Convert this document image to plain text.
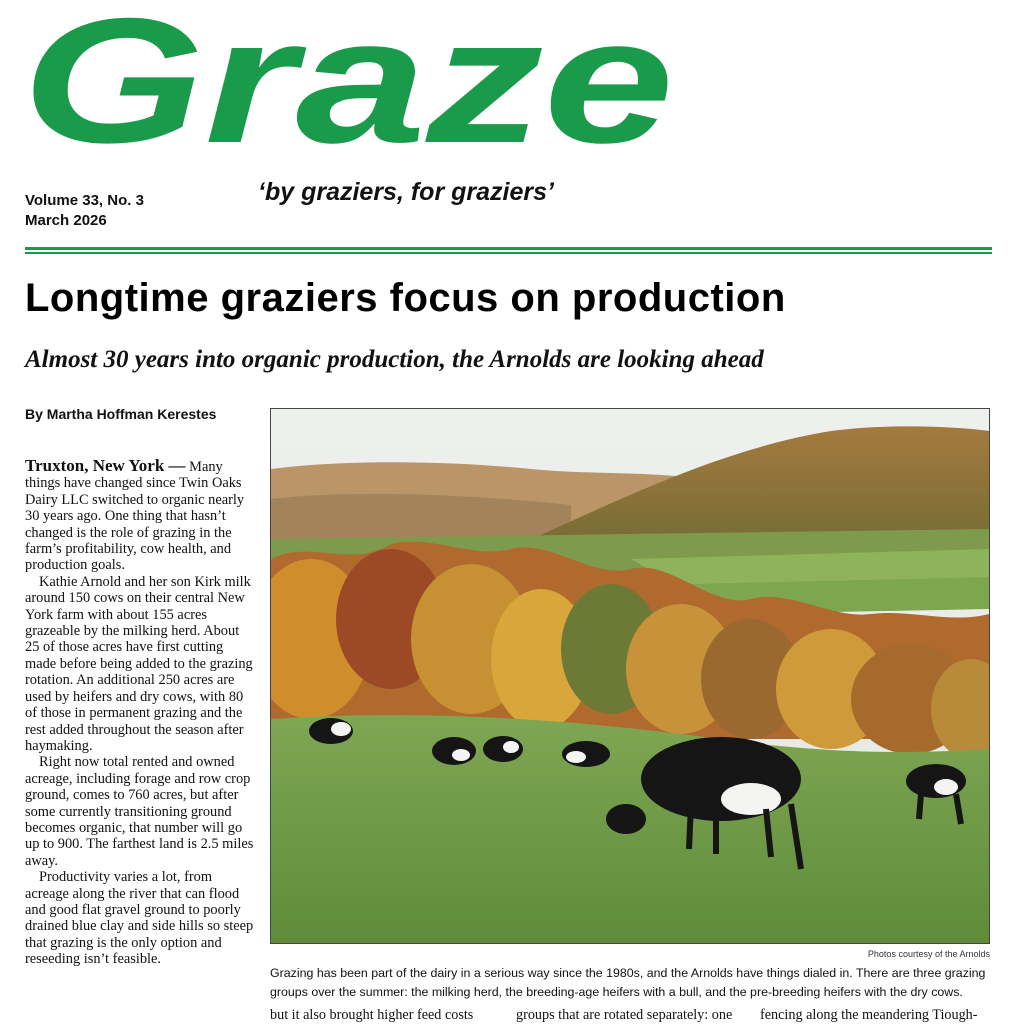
Graze
Volume 33, No. 3
March 2026
‘by graziers, for graziers’
Longtime graziers focus on production
Almost 30 years into organic production, the Arnolds are looking ahead
By Martha Hoffman Kerestes

Truxton, New York — Many things have changed since Twin Oaks Dairy LLC switched to organic nearly 30 years ago. One thing that hasn’t changed is the role of grazing in the farm’s profitability, cow health, and production goals.

Kathie Arnold and her son Kirk milk around 150 cows on their central New York farm with about 155 acres grazeable by the milking herd. About 25 of those acres have first cutting made before being added to the grazing rotation. An additional 250 acres are used by heifers and dry cows, with 80 of those in permanent grazing and the rest added throughout the season after haymaking.

Right now total rented and owned acreage, including forage and row crop ground, comes to 760 acres, but after some currently transitioning ground becomes organic, that number will go up to 900. The farthest land is 2.5 miles away.

Productivity varies a lot, from acreage along the river that can flood and good flat gravel ground to poorly drained blue clay and side hills so steep that grazing is the only option and reseeding isn’t feasible.	Photos courtesy of the Arnolds
Grazing has been part of the dairy in a serious way since the 1980s, and the Arnolds have things dialed in. There are three grazing groups over the summer: the milking herd, the breeding-age heifers with a bull, and the pre-breeding heifers with the dry cows.
but it also brought higher feed costs	groups that are rotated separately: one fencing along the meandering Tiough-
